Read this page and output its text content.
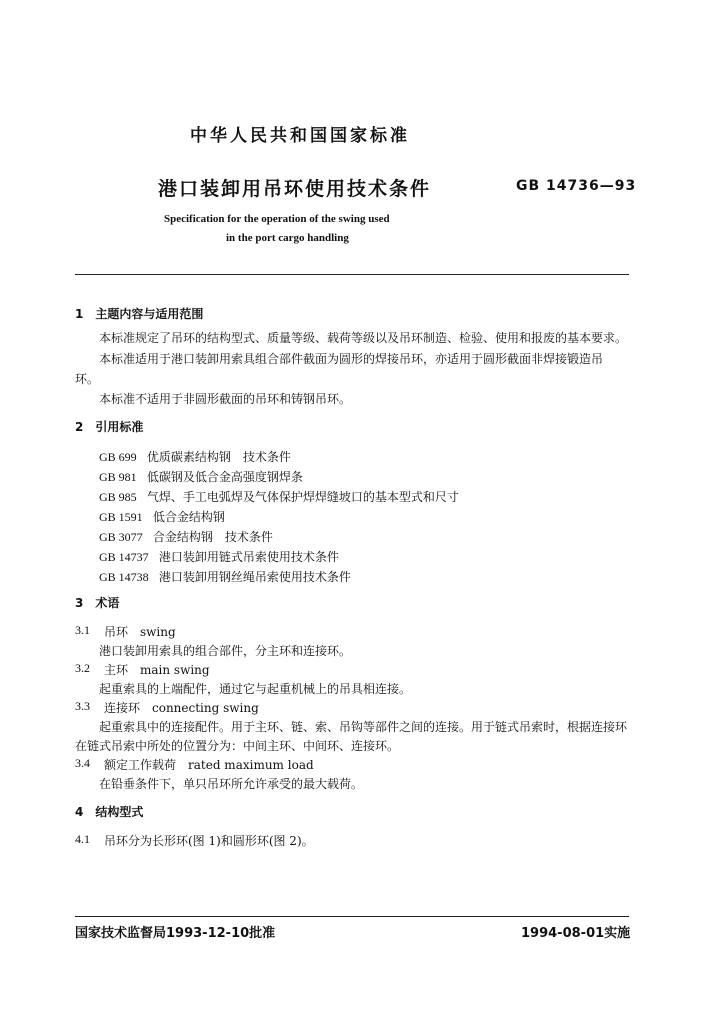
中华人民共和国国家标准
港口装卸用吊环使用技术条件	GB 14736—93
Specification for the operation of the swing used
in the port cargo handling
1　主题内容与适用范围
本标准规定了吊环的结构型式、质量等级、载荷等级以及吊环制造、检验、使用和报废的基本要求。
本标准适用于港口装卸用索具组合部件截面为圆形的焊接吊环，亦适用于圆形截面非焊接锻造吊
环。
本标准不适用于非圆形截面的吊环和铸钢吊环。
2　引用标准
GB 699 优质碳素结构钢　技术条件
GB 981 低碳钢及低合金高强度钢焊条
GB 985 气焊、手工电弧焊及气体保护焊焊缝坡口的基本型式和尺寸
GB 1591 低合金结构钢
GB 3077 合金结构钢　技术条件
GB 14737 港口装卸用链式吊索使用技术条件
GB 14738 港口装卸用钢丝绳吊索使用技术条件
3　术语
3.1 吊环　swing
港口装卸用索具的组合部件，分主环和连接环。
3.2 主环　main swing
起重索具的上端配件，通过它与起重机械上的吊具相连接。
3.3 连接环　connecting swing
起重索具中的连接配件。用于主环、链、索、吊钩等部件之间的连接。用于链式吊索时，根据连接环
在链式吊索中所处的位置分为：中间主环、中间环、连接环。
3.4 额定工作载荷　rated maximum load
在铅垂条件下，单只吊环所允许承受的最大载荷。
4　结构型式
4.1 吊环分为长形环(图 1)和圆形环(图 2)。
国家技术监督局1993-12-10批准	1994-08-01实施
